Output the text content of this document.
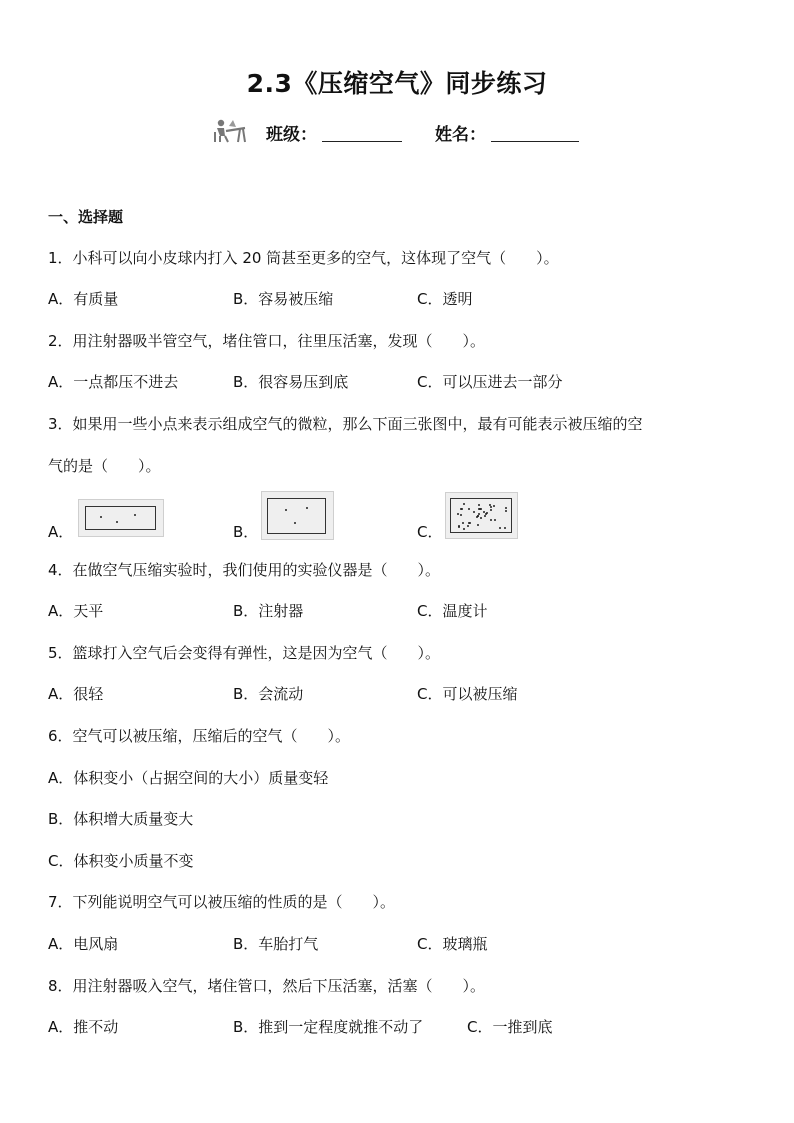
2.3《压缩空气》同步练习
班级：	姓名：
一、选择题
1．小科可以向小皮球内打入 20 筒甚至更多的空气，这体现了空气（　　）。
A．有质量	B．容易被压缩	C．透明
2．用注射器吸半管空气，堵住管口，往里压活塞，发现（　　）。
A．一点都压不进去	B．很容易压到底	C．可以压进去一部分
3．如果用一些小点来表示组成空气的微粒，那么下面三张图中，最有可能表示被压缩的空
气的是（　　）。
A．	B．	C．
4．在做空气压缩实验时，我们使用的实验仪器是（　　）。
A．天平	B．注射器	C．温度计
5．篮球打入空气后会变得有弹性，这是因为空气（　　）。
A．很轻	B．会流动	C．可以被压缩
6．空气可以被压缩，压缩后的空气（　　）。
A．体积变小（占据空间的大小）质量变轻
B．体积增大质量变大
C．体积变小质量不变
7．下列能说明空气可以被压缩的性质的是（　　）。
A．电风扇	B．车胎打气	C．玻璃瓶
8．用注射器吸入空气，堵住管口，然后下压活塞，活塞（　　）。
A．推不动	B．推到一定程度就推不动了	C．一推到底
